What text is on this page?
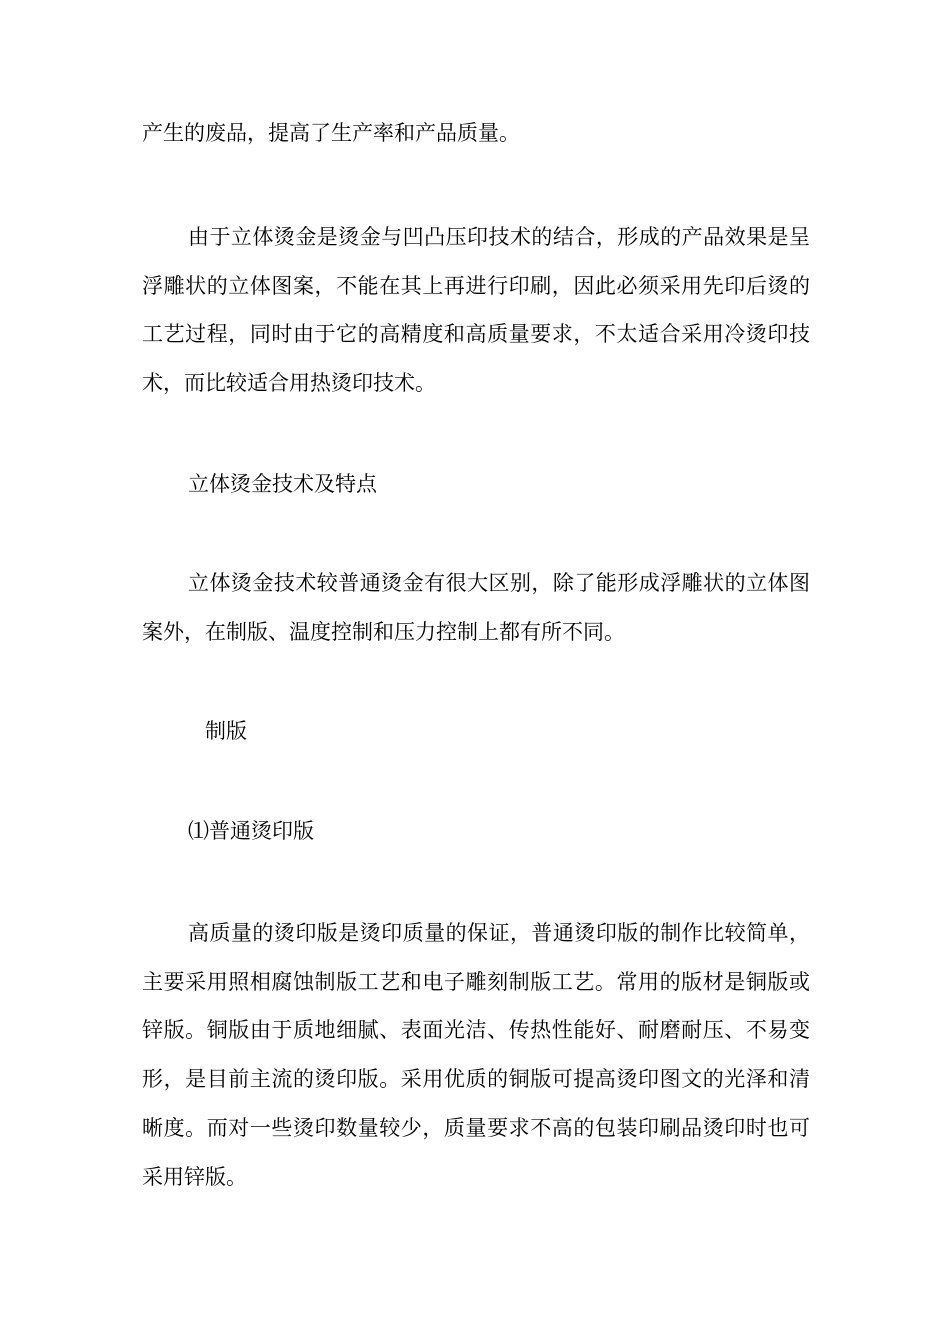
产生的废品，提高了生产率和产品质量。

由于立体烫金是烫金与凹凸压印技术的结合，形成的产品效果是呈浮雕状的立体图案，不能在其上再进行印刷，因此必须采用先印后烫的工艺过程，同时由于它的高精度和高质量要求，不太适合采用冷烫印技术，而比较适合用热烫印技术。

立体烫金技术及特点

立体烫金技术较普通烫金有很大区别，除了能形成浮雕状的立体图案外，在制版、温度控制和压力控制上都有所不同。

制版

⑴普通烫印版

高质量的烫印版是烫印质量的保证，普通烫印版的制作比较简单，主要采用照相腐蚀制版工艺和电子雕刻制版工艺。常用的版材是铜版或锌版。铜版由于质地细腻、表面光洁、传热性能好、耐磨耐压、不易变形，是目前主流的烫印版。采用优质的铜版可提高烫印图文的光泽和清晰度。而对一些烫印数量较少，质量要求不高的包装印刷品烫印时也可采用锌版。
